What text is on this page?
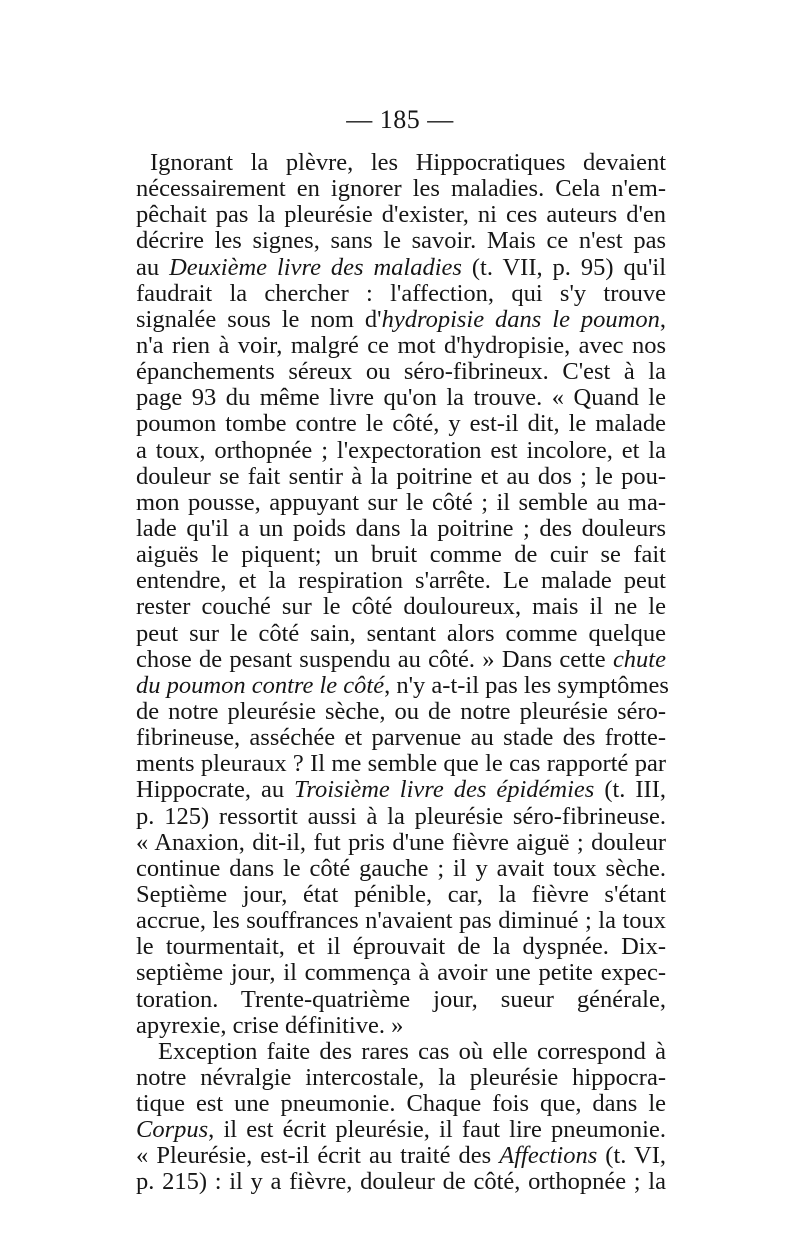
— 185 —
Ignorant la plèvre, les Hippocratiques devaient
nécessairement en ignorer les maladies. Cela n'em-
pêchait pas la pleurésie d'exister, ni ces auteurs d'en
décrire les signes, sans le savoir. Mais ce n'est pas
au Deuxième livre des maladies (t. VII, p. 95) qu'il
faudrait la chercher : l'affection, qui s'y trouve
signalée sous le nom d'hydropisie dans le poumon,
n'a rien à voir, malgré ce mot d'hydropisie, avec nos
épanchements séreux ou séro-fibrineux. C'est à la
page 93 du même livre qu'on la trouve. « Quand le
poumon tombe contre le côté, y est-il dit, le malade
a toux, orthopnée ; l'expectoration est incolore, et la
douleur se fait sentir à la poitrine et au dos ; le pou-
mon pousse, appuyant sur le côté ; il semble au ma-
lade qu'il a un poids dans la poitrine ; des douleurs
aiguës le piquent; un bruit comme de cuir se fait
entendre, et la respiration s'arrête. Le malade peut
rester couché sur le côté douloureux, mais il ne le
peut sur le côté sain, sentant alors comme quelque
chose de pesant suspendu au côté. » Dans cette chute
du poumon contre le côté, n'y a-t-il pas les symptômes
de notre pleurésie sèche, ou de notre pleurésie séro-
fibrineuse, asséchée et parvenue au stade des frotte-
ments pleuraux ? Il me semble que le cas rapporté par
Hippocrate, au Troisième livre des épidémies (t. III,
p. 125) ressortit aussi à la pleurésie séro-fibrineuse.
« Anaxion, dit-il, fut pris d'une fièvre aiguë ; douleur
continue dans le côté gauche ; il y avait toux sèche.
Septième jour, état pénible, car, la fièvre s'étant
accrue, les souffrances n'avaient pas diminué ; la toux
le tourmentait, et il éprouvait de la dyspnée. Dix-
septième jour, il commença à avoir une petite expec-
toration. Trente-quatrième jour, sueur générale,
apyrexie, crise définitive. »
Exception faite des rares cas où elle correspond à
notre névralgie intercostale, la pleurésie hippocra-
tique est une pneumonie. Chaque fois que, dans le
Corpus, il est écrit pleurésie, il faut lire pneumonie.
« Pleurésie, est-il écrit au traité des Affections (t. VI,
p. 215) : il y a fièvre, douleur de côté, orthopnée ; la
